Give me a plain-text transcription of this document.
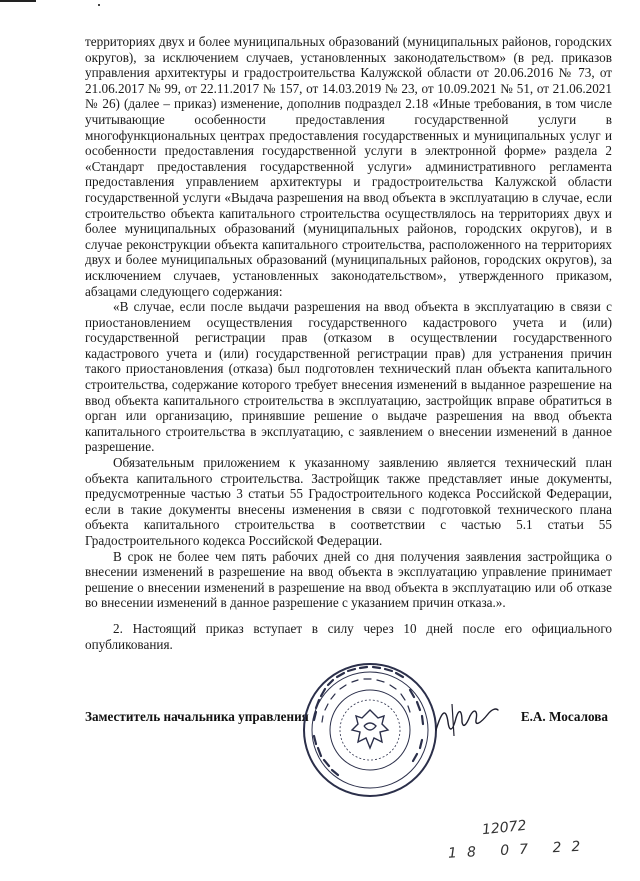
территориях двух и более муниципальных образований (муниципальных районов, городских округов), за исключением случаев, установленных законодательством» (в ред. приказов управления архитектуры и градостроительства Калужской области от 20.06.2016 № 73, от 21.06.2017 № 99, от 22.11.2017 № 157, от 14.03.2019 № 23, от 10.09.2021 № 51, от 21.06.2021 № 26) (далее – приказ) изменение, дополнив подраздел 2.18 «Иные требования, в том числе учитывающие особенности предоставления государственной услуги в многофункциональных центрах предоставления государственных и муниципальных услуг и особенности предоставления государственной услуги в электронной форме» раздела 2 «Стандарт предоставления государственной услуги» административного регламента предоставления управлением архитектуры и градостроительства Калужской области государственной услуги «Выдача разрешения на ввод объекта в эксплуатацию в случае, если строительство объекта капитального строительства осуществлялось на территориях двух и более муниципальных образований (муниципальных районов, городских округов), и в случае реконструкции объекта капитального строительства, расположенного на территориях двух и более муниципальных образований (муниципальных районов, городских округов), за исключением случаев, установленных законодательством», утвержденного приказом, абзацами следующего содержания:

«В случае, если после выдачи разрешения на ввод объекта в эксплуатацию в связи с приостановлением осуществления государственного кадастрового учета и (или) государственной регистрации прав (отказом в осуществлении государственного кадастрового учета и (или) государственной регистрации прав) для устранения причин такого приостановления (отказа) был подготовлен технический план объекта капитального строительства, содержание которого требует внесения изменений в выданное разрешение на ввод объекта капитального строительства в эксплуатацию, застройщик вправе обратиться в орган или организацию, принявшие решение о выдаче разрешения на ввод объекта капитального строительства в эксплуатацию, с заявлением о внесении изменений в данное разрешение.

Обязательным приложением к указанному заявлению является технический план объекта капитального строительства. Застройщик также представляет иные документы, предусмотренные частью 3 статьи 55 Градостроительного кодекса Российской Федерации, если в такие документы внесены изменения в связи с подготовкой технического плана объекта капитального строительства в соответствии с частью 5.1 статьи 55 Градостроительного кодекса Российской Федерации.

В срок не более чем пять рабочих дней со дня получения заявления застройщика о внесении изменений в разрешение на ввод объекта в эксплуатацию управление принимает решение о внесении изменений в разрешение на ввод объекта в эксплуатацию или об отказе во внесении изменений в данное разрешение с указанием причин отказа.».

2. Настоящий приказ вступает в силу через 10 дней после его официального опубликования.

Заместитель начальника управления	Е.А. Мосалова
12072
18 07 22
